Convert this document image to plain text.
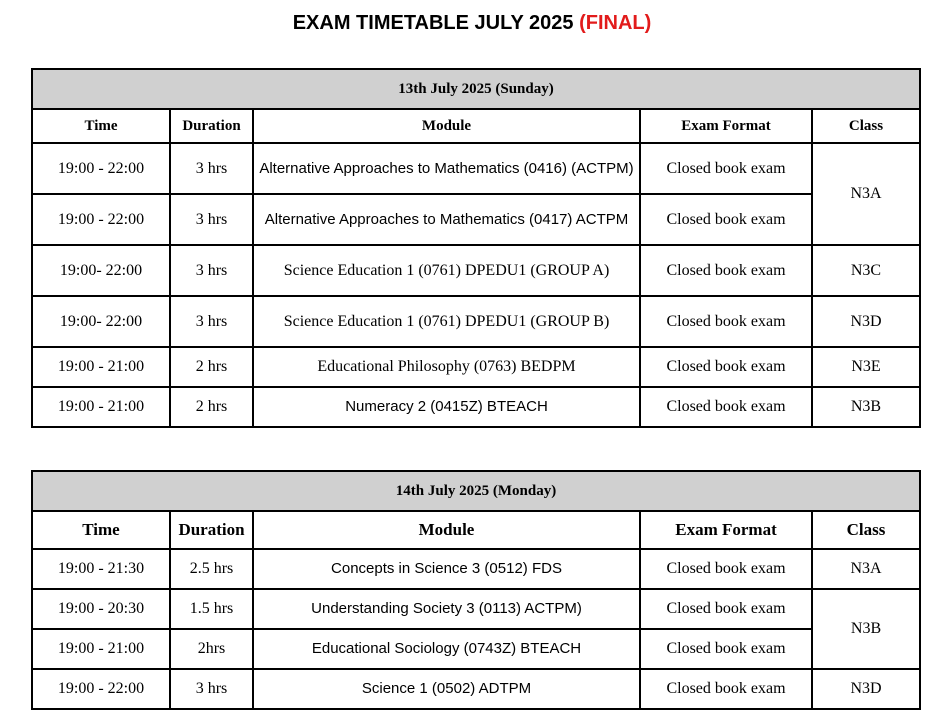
EXAM TIMETABLE JULY 2025 (FINAL)
13th July 2025 (Sunday)				
Time	Duration	Module	Exam Format	Class
19:00 - 22:00	3 hrs	Alternative Approaches to Mathematics (0416) (ACTPM)	Closed book exam	N3A
19:00 - 22:00	3 hrs	Alternative Approaches to Mathematics (0417) ACTPM	Closed book exam	
19:00- 22:00	3 hrs	Science Education 1 (0761) DPEDU1 (GROUP A)	Closed book exam	N3C
19:00- 22:00	3 hrs	Science Education 1 (0761) DPEDU1 (GROUP B)	Closed book exam	N3D
19:00 - 21:00	2 hrs	Educational Philosophy (0763) BEDPM	Closed book exam	N3E
19:00 - 21:00	2 hrs	Numeracy 2 (0415Z) BTEACH	Closed book exam	N3B
14th July 2025 (Monday)				
Time	Duration	Module	Exam Format	Class
19:00 - 21:30	2.5 hrs	Concepts in Science 3 (0512) FDS	Closed book exam	N3A
19:00 - 20:30	1.5 hrs	Understanding Society 3 (0113) ACTPM)	Closed book exam	N3B
19:00 - 21:00	2hrs	Educational Sociology (0743Z) BTEACH	Closed book exam	
19:00 - 22:00	3 hrs	Science 1 (0502) ADTPM	Closed book exam	N3D
